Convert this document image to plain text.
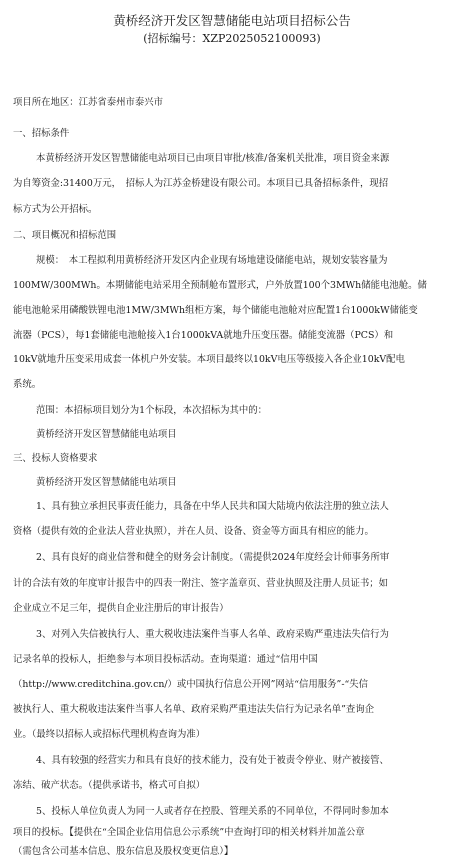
黄桥经济开发区智慧储能电站项目招标公告
(招标编号：XZP2025052100093)
项目所在地区：江苏省泰州市泰兴市
一、招标条件
本黄桥经济开发区智慧储能电站项目已由项目审批/核准/备案机关批准，项目资金来源
为自筹资金:31400万元，　招标人为江苏金桥建设有限公司。本项目已具备招标条件，现招
标方式为公开招标。
二、项目概况和招标范围
规模：　本工程拟利用黄桥经济开发区内企业现有场地建设储能电站，规划安装容量为
100MW/300MWh。本期储能电站采用全预制舱布置形式，户外放置100个3MWh储能电池舱。储
能电池舱采用磷酸铁锂电池1MW/3MWh组柜方案，每个储能电池舱对应配置1台1000kW储能变
流器（PCS），每1套储能电池舱接入1台1000kVA就地升压变压器。储能变流器（PCS）和
10kV就地升压变采用成套一体机户外安装。本项目最终以10kV电压等级接入各企业10kV配电
系统。
范围：本招标项目划分为1个标段，本次招标为其中的：
黄桥经济开发区智慧储能电站项目
三、投标人资格要求
黄桥经济开发区智慧储能电站项目
1、具有独立承担民事责任能力，具备在中华人民共和国大陆境内依法注册的独立法人
资格（提供有效的企业法人营业执照），并在人员、设备、资金等方面具有相应的能力。
2、具有良好的商业信誉和健全的财务会计制度。（需提供2024年度经会计师事务所审
计的合法有效的年度审计报告中的四表一附注、签字盖章页、营业执照及注册人员证书；如
企业成立不足三年，提供自企业注册后的审计报告）
3、对列入失信被执行人、重大税收违法案件当事人名单、政府采购严重违法失信行为
记录名单的投标人，拒绝参与本项目投标活动。查询渠道：通过“信用中国
（http://www.creditchina.gov.cn/）或中国执行信息公开网”网站“信用服务”-“失信
被执行人、重大税收违法案件当事人名单、政府采购严重违法失信行为记录名单”查询企
业。（最终以招标人或招标代理机构查询为准）
4、具有较强的经营实力和具有良好的技术能力，没有处于被责令停业、财产被接管、
冻结、破产状态。（提供承诺书，格式可自拟）
5、投标人单位负责人为同一人或者存在控股、管理关系的不同单位，不得同时参加本
项目的投标。【提供在“全国企业信用信息公示系统”中查询打印的相关材料并加盖公章
（需包含公司基本信息、股东信息及股权变更信息）】
